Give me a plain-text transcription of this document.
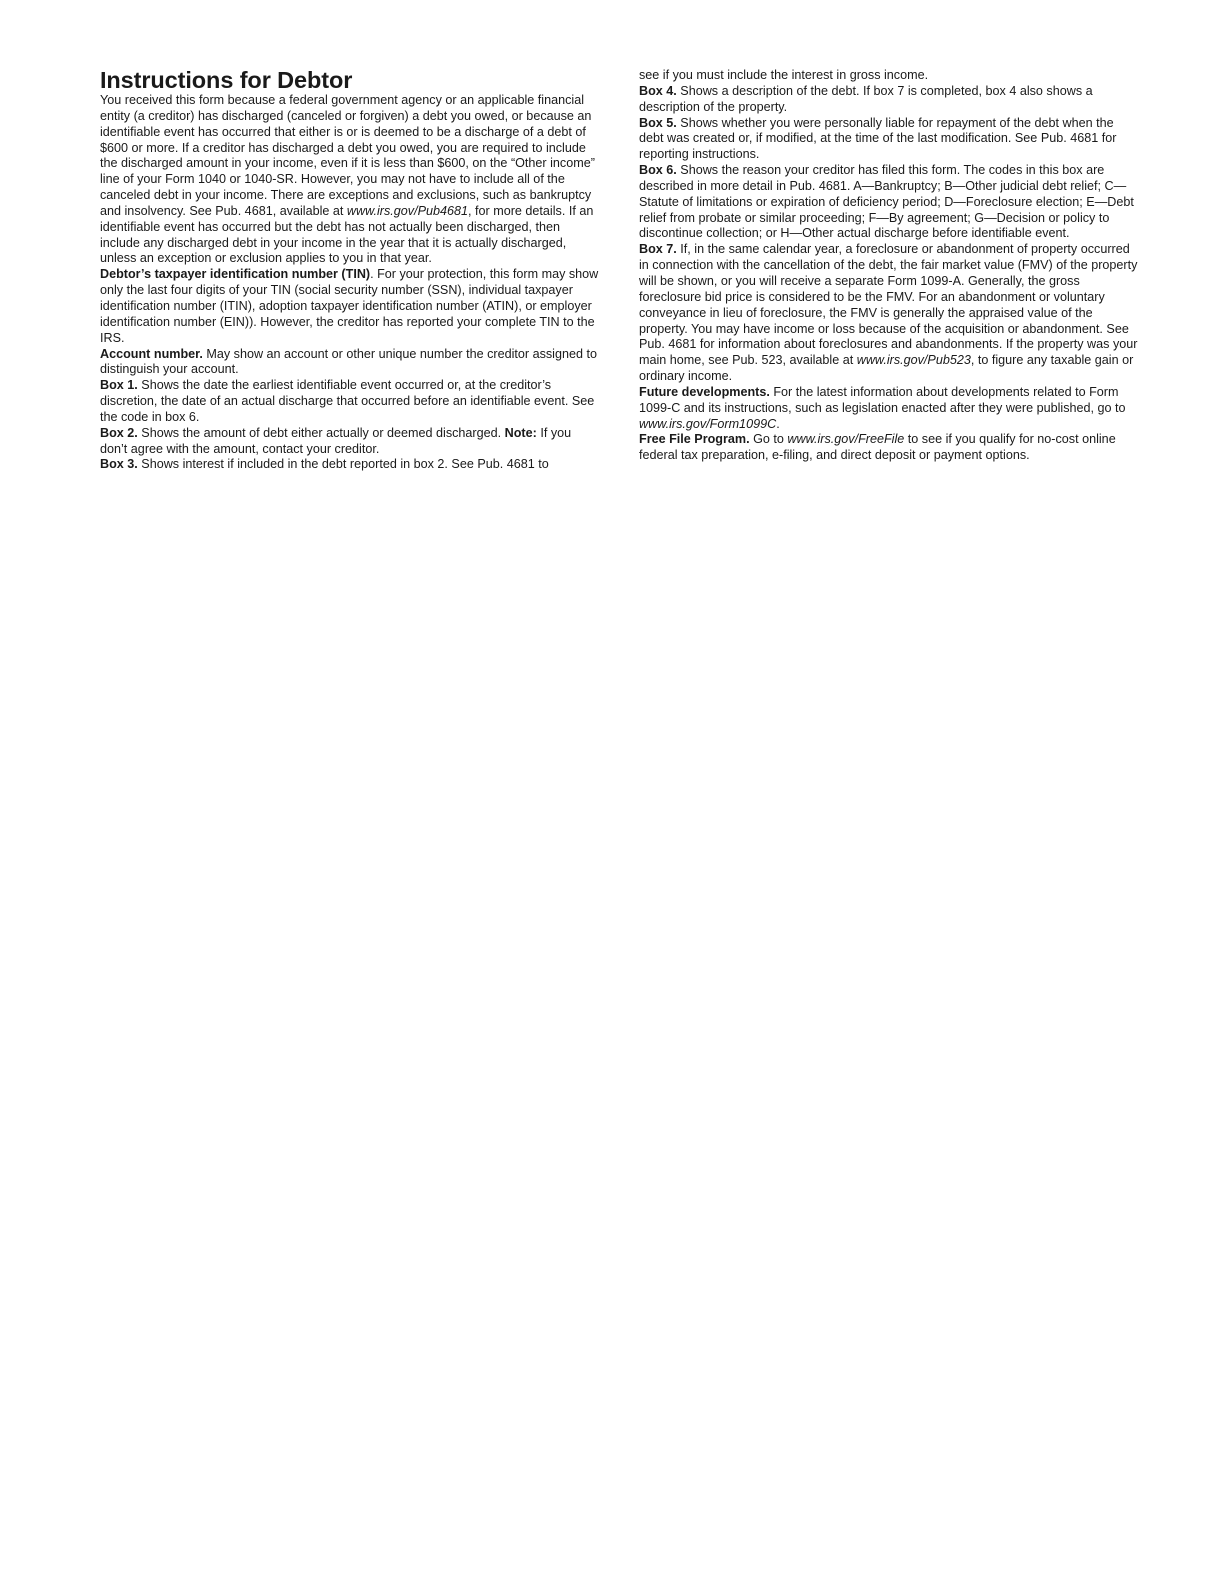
Instructions for Debtor

You received this form because a federal government agency or an applicable financial entity (a creditor) has discharged (canceled or forgiven) a debt you owed, or because an identifiable event has occurred that either is or is deemed to be a discharge of a debt of $600 or more. If a creditor has discharged a debt you owed, you are required to include the discharged amount in your income, even if it is less than $600, on the “Other income” line of your Form 1040 or 1040-SR. However, you may not have to include all of the canceled debt in your income. There are exceptions and exclusions, such as bankruptcy and insolvency. See Pub. 4681, available at www.irs.gov/Pub4681, for more details. If an identifiable event has occurred but the debt has not actually been discharged, then include any discharged debt in your income in the year that it is actually discharged, unless an exception or exclusion applies to you in that year.

Debtor’s taxpayer identification number (TIN). For your protection, this form may show only the last four digits of your TIN (social security number (SSN), individual taxpayer identification number (ITIN), adoption taxpayer identification number (ATIN), or employer identification number (EIN)). However, the creditor has reported your complete TIN to the IRS.

Account number. May show an account or other unique number the creditor assigned to distinguish your account.

Box 1. Shows the date the earliest identifiable event occurred or, at the creditor’s discretion, the date of an actual discharge that occurred before an identifiable event. See the code in box 6.

Box 2. Shows the amount of debt either actually or deemed discharged. Note: If you don’t agree with the amount, contact your creditor.

Box 3. Shows interest if included in the debt reported in box 2. See Pub. 4681 to

see if you must include the interest in gross income.

Box 4. Shows a description of the debt. If box 7 is completed, box 4 also shows a description of the property.

Box 5. Shows whether you were personally liable for repayment of the debt when the debt was created or, if modified, at the time of the last modification. See Pub. 4681 for reporting instructions.

Box 6. Shows the reason your creditor has filed this form. The codes in this box are described in more detail in Pub. 4681. A—Bankruptcy; B—Other judicial debt relief; C—Statute of limitations or expiration of deficiency period; D—Foreclosure election; E—Debt relief from probate or similar proceeding; F—By agreement; G—Decision or policy to discontinue collection; or H—Other actual discharge before identifiable event.

Box 7. If, in the same calendar year, a foreclosure or abandonment of property occurred in connection with the cancellation of the debt, the fair market value (FMV) of the property will be shown, or you will receive a separate Form 1099-A. Generally, the gross foreclosure bid price is considered to be the FMV. For an abandonment or voluntary conveyance in lieu of foreclosure, the FMV is generally the appraised value of the property. You may have income or loss because of the acquisition or abandonment. See Pub. 4681 for information about foreclosures and abandonments. If the property was your main home, see Pub. 523, available at www.irs.gov/Pub523, to figure any taxable gain or ordinary income.

Future developments. For the latest information about developments related to Form 1099-C and its instructions, such as legislation enacted after they were published, go to www.irs.gov/Form1099C.

Free File Program. Go to www.irs.gov/FreeFile to see if you qualify for no-cost online federal tax preparation, e-filing, and direct deposit or payment options.
